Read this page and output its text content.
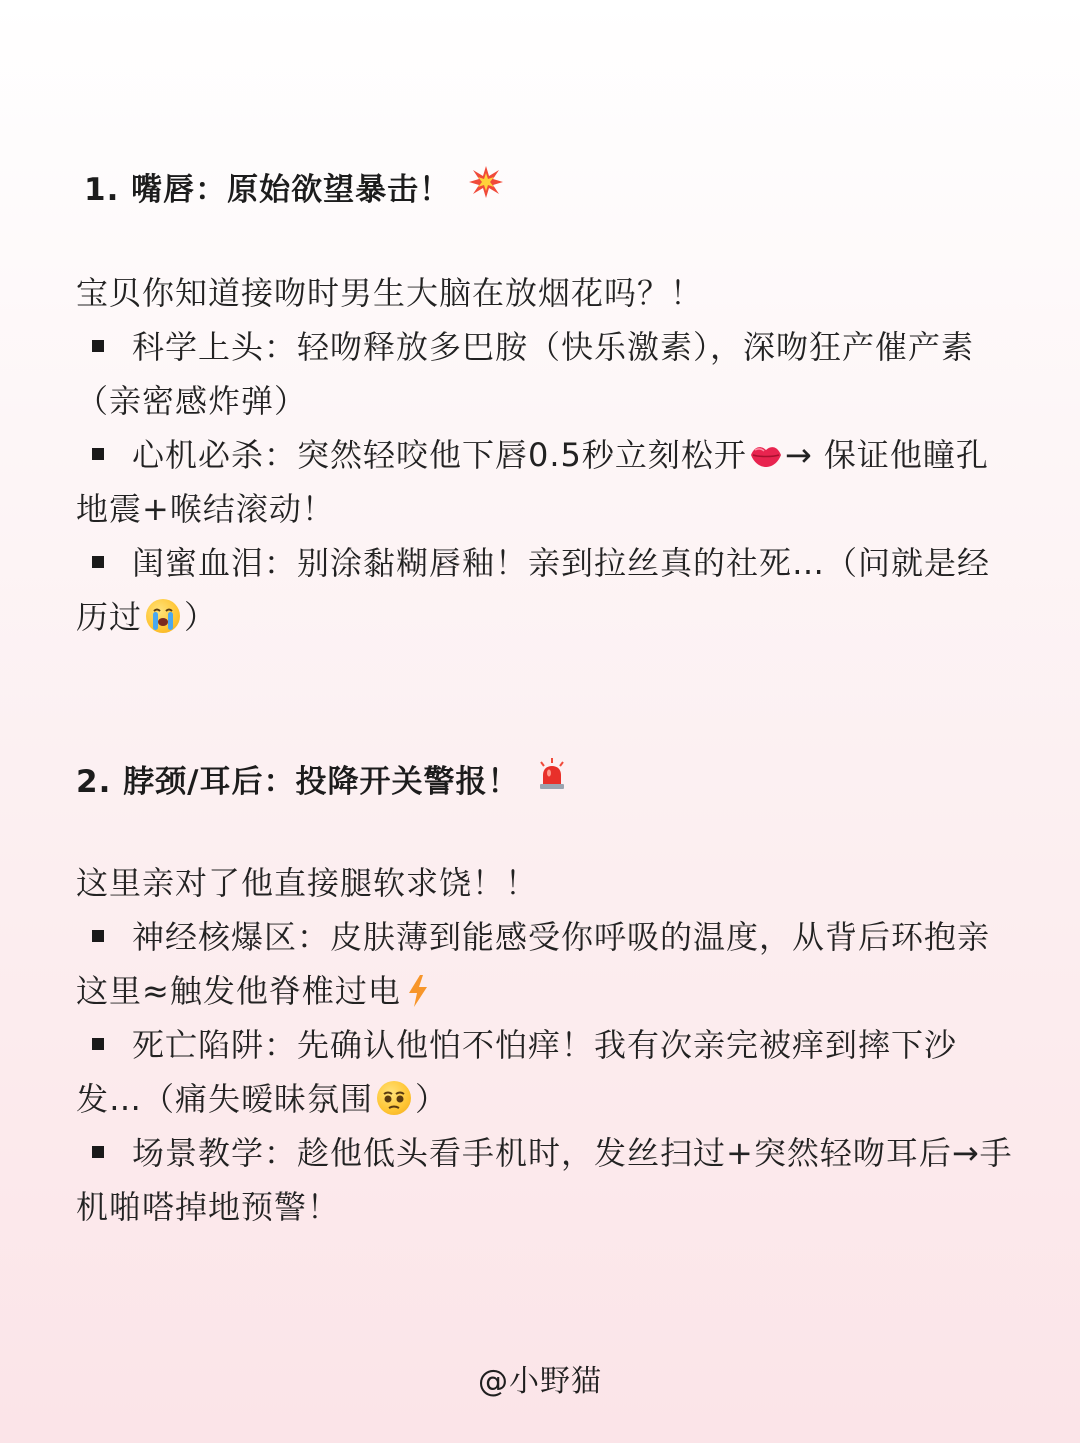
1. 嘴唇：原始欲望暴击！
宝贝你知道接吻时男生大脑在放烟花吗？！
科学上头：轻吻释放多巴胺（快乐激素），深吻狂产催产素（亲密感炸弹）
心机必杀：突然轻咬他下唇0.5秒立刻松开 → 保证他瞳孔地震+喉结滚动！
闺蜜血泪：别涂黏糊唇釉！亲到拉丝真的社死…（问就是经历过 ）
2. 脖颈/耳后：投降开关警报！
这里亲对了他直接腿软求饶！！
神经核爆区：皮肤薄到能感受你呼吸的温度，从背后环抱亲这里≈触发他脊椎过电
死亡陷阱：先确认他怕不怕痒！我有次亲完被痒到摔下沙发…（痛失暧昧氛围 ）
场景教学：趁他低头看手机时，发丝扫过+突然轻吻耳后→手机啪嗒掉地预警！
@小野猫
